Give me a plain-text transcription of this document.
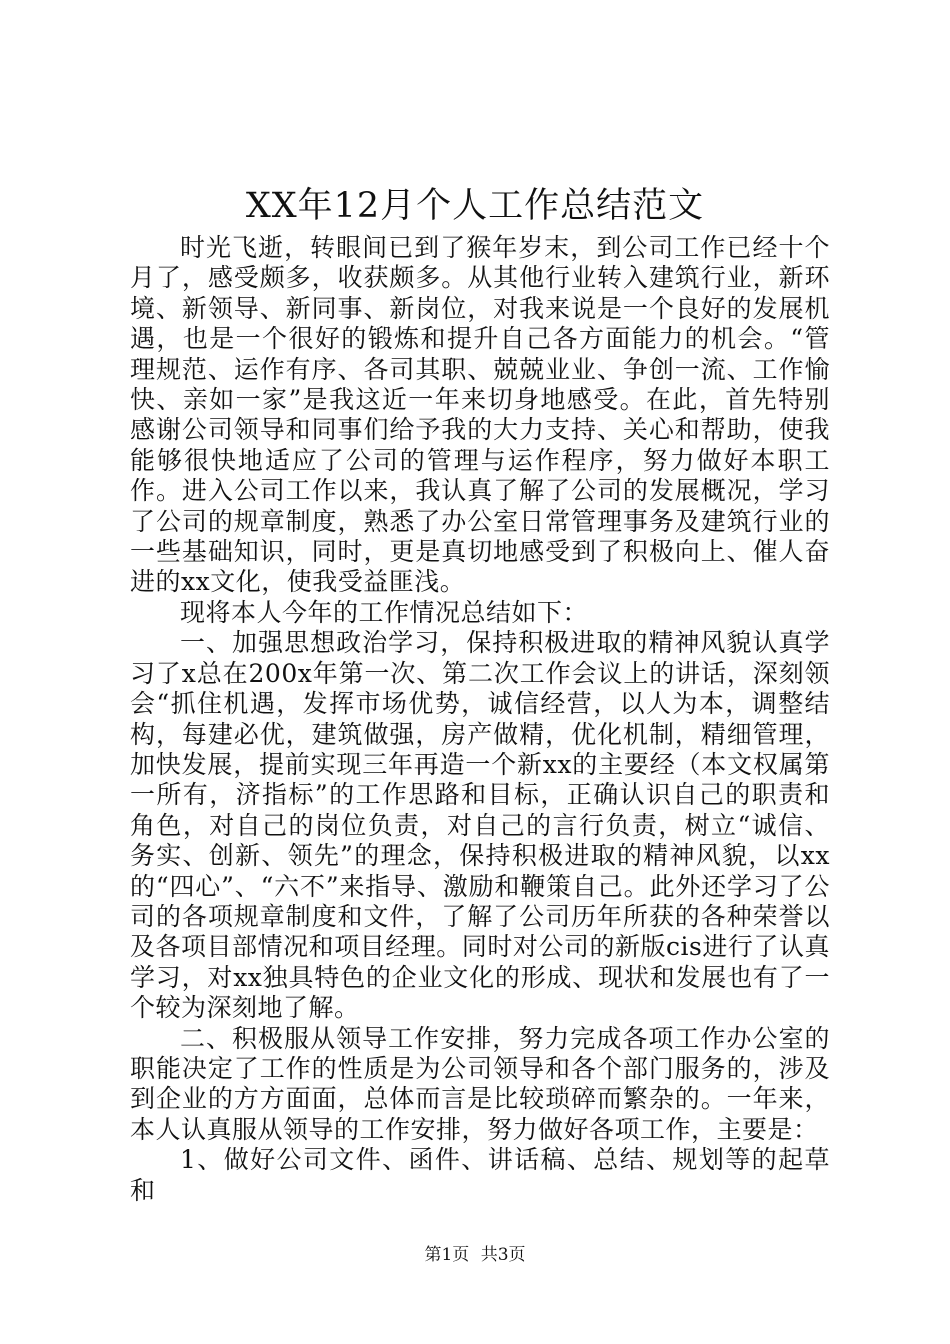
XX年12月个人工作总结范文

时光飞逝，转眼间已到了猴年岁末，到公司工作已经十个月了，感受颇多，收获颇多。从其他行业转入建筑行业，新环境、新领导、新同事、新岗位，对我来说是一个良好的发展机遇，也是一个很好的锻炼和提升自己各方面能力的机会。“管理规范、运作有序、各司其职、兢兢业业、争创一流、工作愉快、亲如一家”是我这近一年来切身地感受。在此，首先特别感谢公司领导和同事们给予我的大力支持、关心和帮助，使我能够很快地适应了公司的管理与运作程序，努力做好本职工作。进入公司工作以来，我认真了解了公司的发展概况，学习了公司的规章制度，熟悉了办公室日常管理事务及建筑行业的一些基础知识，同时，更是真切地感受到了积极向上、催人奋进的xx文化，使我受益匪浅。

现将本人今年的工作情况总结如下：

一、加强思想政治学习，保持积极进取的精神风貌认真学习了x总在200x年第一次、第二次工作会议上的讲话，深刻领会“抓住机遇，发挥市场优势，诚信经营，以人为本，调整结构，每建必优，建筑做强，房产做精，优化机制，精细管理，加快发展，提前实现三年再造一个新xx的主要经（本文权属第一所有，济指标”的工作思路和目标，正确认识自己的职责和角色，对自己的岗位负责，对自己的言行负责，树立“诚信、务实、创新、领先”的理念，保持积极进取的精神风貌，以xx的“四心”、“六不”来指导、激励和鞭策自己。此外还学习了公司的各项规章制度和文件，了解了公司历年所获的各种荣誉以及各项目部情况和项目经理。同时对公司的新版cis进行了认真学习，对xx独具特色的企业文化的形成、现状和发展也有了一个较为深刻地了解。

二、积极服从领导工作安排，努力完成各项工作办公室的职能决定了工作的性质是为公司领导和各个部门服务的，涉及到企业的方方面面，总体而言是比较琐碎而繁杂的。一年来，本人认真服从领导的工作安排，努力做好各项工作，主要是：

1、做好公司文件、函件、讲话稿、总结、规划等的起草和

第1页 共3页
